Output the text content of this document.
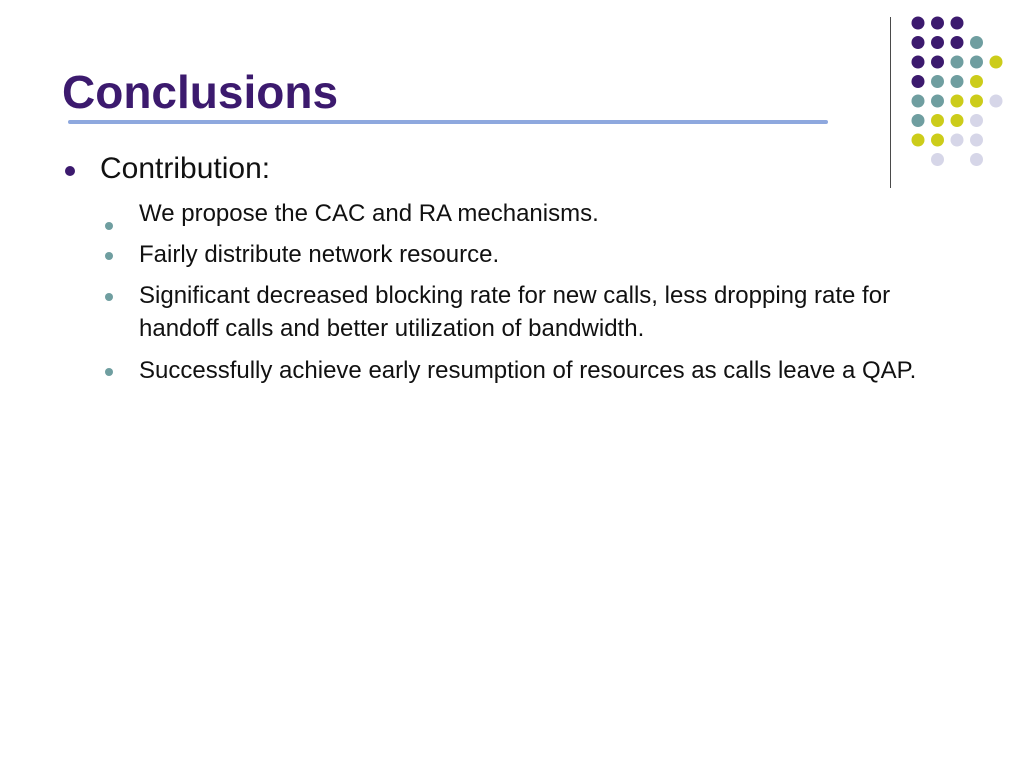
Conclusions
Contribution:
We propose the CAC and RA mechanisms.
Fairly distribute network resource.
Significant decreased blocking rate for new calls, less dropping rate for handoff calls and better utilization of bandwidth.
Successfully achieve early resumption of resources as calls leave a QAP.
